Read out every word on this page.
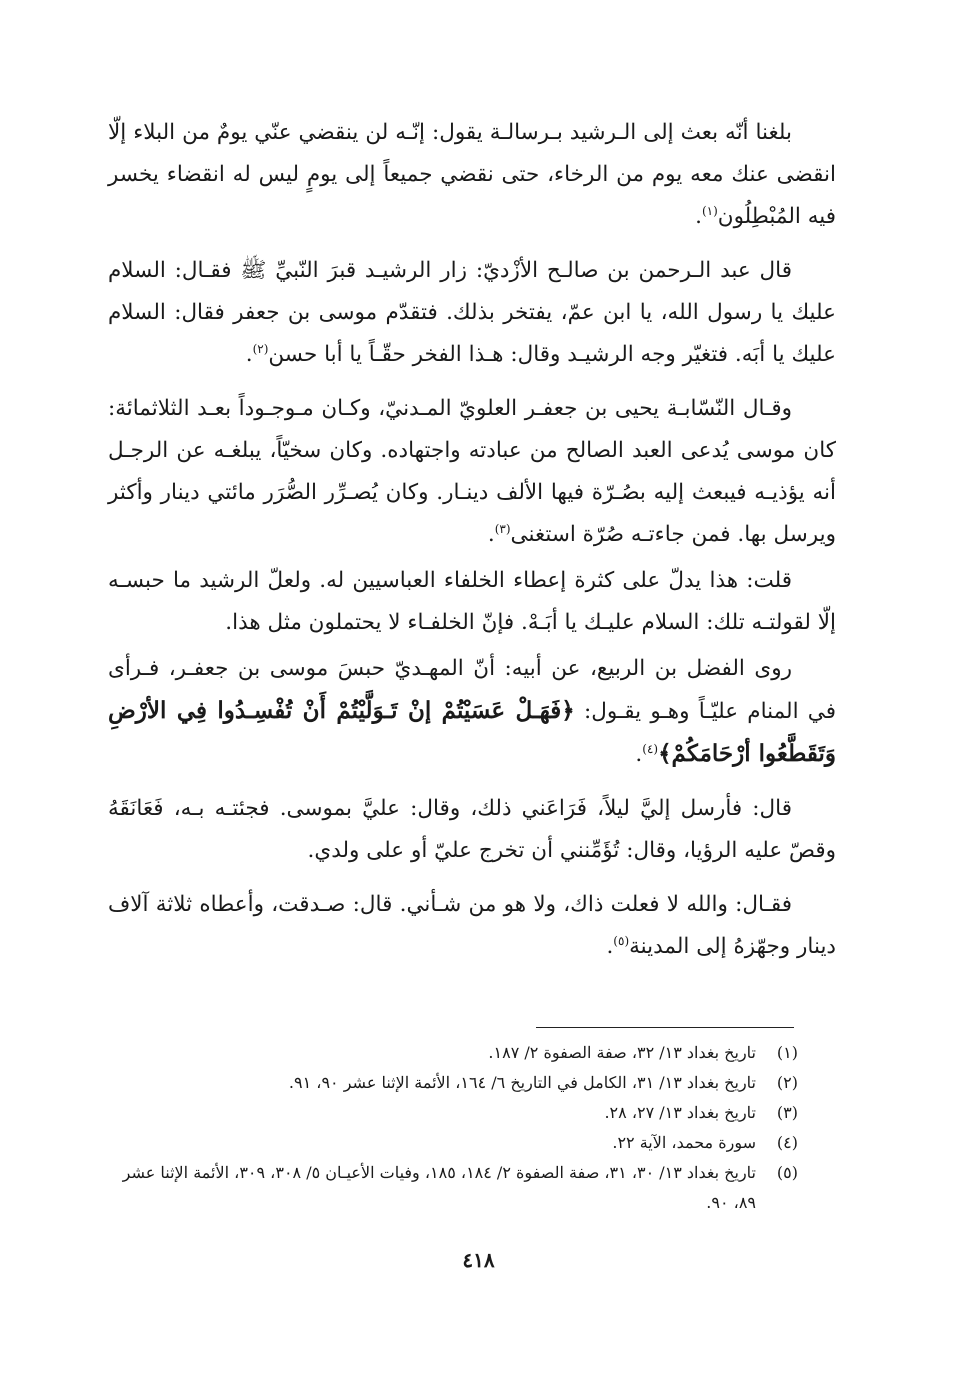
بلغنا أنّه بعث إلى الـرشيد بـرسالـة يقول: إنّـه لن ينقضي عنّي يومٌ من البلاء إلّا انقضى عنك معه يوم من الرخاء، حتى نقضي جميعاً إلى يومٍ ليس له انقضاء يخسر فيه المُبْطِلُون$^{(١)}$.

قال عبد الـرحمن بن صالـح الأزْديّ: زار الرشيـد قبرَ النّبيِّ ﷺ فقـال: السلام عليك يا رسول الله، يا ابن عمّ، يفتخر بذلك. فتقدّم موسى بن جعفر فقال: السلام عليك يا أبَه. فتغيّر وجه الرشيـد وقال: هـذا الفخر حقّـاً يا أبا حسن$^{(٢)}$.

وقـال النّسّابـة يحيى بن جعفـر العلويّ المـدنيّ، وكـان مـوجـوداً بعـد الثلاثمائة: كان موسى يُدعى العبد الصالح من عبادته واجتهاده. وكان سخيّاً، يبلغـه عن الرجـل أنه يؤذيـه فيبعث إليه بصُـرّة فيها الألف دينـار. وكان يُصـرِّر الصُّرَر مائتي دينار وأكثر ويرسل بها. فمن جاءتـه صُرّة استغنى$^{(٣)}$.

قلت: هذا يدلّ على كثرة إعطاء الخلفاء العباسيين له. ولعلّ الرشيد ما حبسـه إلّا لقولتـه تلك: السلام عليـك يا أبَـهْ. فإنّ الخلفـاء لا يحتملون مثل هذا.

روى الفضل بن الربيع، عن أبيه: أنّ المهـديّ حبسَ موسى بن جعفـر، فـرأى في المنام عليّـاً وهـو يقـول: ﴿فَهَـلْ عَسَيْتُمْ إنْ تَـوَلَّيْتُمْ أَنْ تُفْسِـدُوا فِي الأرْضِ وَتَقَطَّعُوا أرْحَامَكُمْ﴾$^{(٤)}$.

قال: فأرسل إليَّ ليلاً، فَرَاعَني ذلك، وقال: عليَّ بموسى. فجئتـه بـه، فَعَانَقَهُ وقصّ عليه الرؤيا، وقال: تُؤَمِّنني أن تخرج عليّ أو على ولدي.

فقـال: والله لا فعلت ذاك، ولا هو من شـأني. قال: صـدقت، وأعطاه ثلاثة آلاف دينار وجهّزهُ إلى المدينة$^{(٥)}$.

(١)
تاريخ بغداد ١٣/ ٣٢، صفة الصفوة ٢/ ١٨٧.
(٢)
تاريخ بغداد ١٣/ ٣١، الكامل في التاريخ ٦/ ١٦٤، الأئمة الإثنا عشر ٩٠، ٩١.
(٣)
تاريخ بغداد ١٣/ ٢٧، ٢٨.
(٤)
سورة محمد، الآية ٢٢.
(٥)
تاريخ بغداد ١٣/ ٣٠، ٣١، صفة الصفوة ٢/ ١٨٤، ١٨٥، وفيات الأعيـان ٥/ ٣٠٨، ٣٠٩، الأئمة الإثنا عشر ٨٩، ٩٠.
٤١٨
